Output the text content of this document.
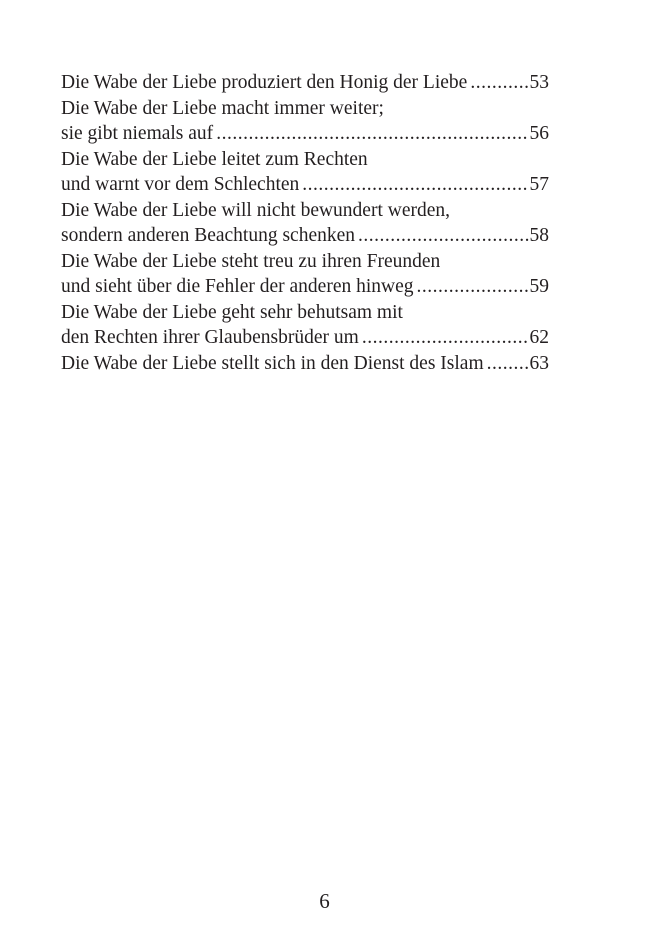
Die Wabe der Liebe produziert den Honig der Liebe .....	53
Die Wabe der Liebe macht immer weiter;
sie gibt niemals auf .....	56
Die Wabe der Liebe leitet zum Rechten
und warnt vor dem Schlechten .....	57
Die Wabe der Liebe will nicht bewundert werden,
sondern anderen Beachtung schenken .....	58
Die Wabe der Liebe steht treu zu ihren Freunden
und sieht über die Fehler der anderen hinweg .....	59
Die Wabe der Liebe geht sehr behutsam mit
den Rechten ihrer Glaubensbrüder um .....	62
Die Wabe der Liebe stellt sich in den Dienst des Islam ..... 63
6
